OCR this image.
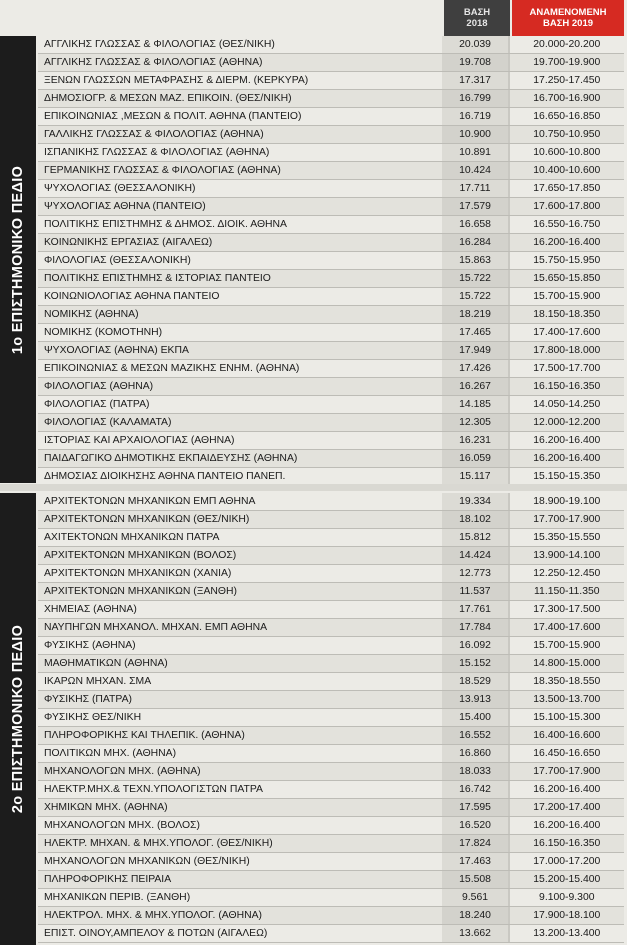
ΒΑΣΗ
2018
ΑΝΑΜΕΝΟΜΕΝΗ
ΒΑΣΗ 2019
1ο ΕΠΙΣΤΗΜΟΝΙΚΟ ΠΕΔΙΟ
ΑΓΓΛΙΚΗΣ ΓΛΩΣΣΑΣ & ΦΙΛΟΛΟΓΙΑΣ (ΘΕΣ/ΝΙΚΗ)	20.039	20.000-20.200
ΑΓΓΛΙΚΗΣ ΓΛΩΣΣΑΣ & ΦΙΛΟΛΟΓΙΑΣ (ΑΘΗΝΑ)	19.708	19.700-19.900
ΞΕΝΩΝ ΓΛΩΣΣΩΝ ΜΕΤΑΦΡΑΣΗΣ & ΔΙΕΡΜ. (ΚΕΡΚΥΡΑ)	17.317	17.250-17.450
ΔΗΜΟΣΙΟΓΡ. & ΜΕΣΩΝ ΜΑΖ. ΕΠΙΚΟΙΝ. (ΘΕΣ/ΝΙΚΗ)	16.799	16.700-16.900
ΕΠΙΚΟΙΝΩΝΙΑΣ ,ΜΕΣΩΝ & ΠΟΛΙΤ. ΑΘΗΝΑ (ΠΑΝΤΕΙΟ)	16.719	16.650-16.850
ΓΑΛΛΙΚΗΣ ΓΛΩΣΣΑΣ & ΦΙΛΟΛΟΓΙΑΣ (ΑΘΗΝΑ)	10.900	10.750-10.950
ΙΣΠΑΝΙΚΗΣ ΓΛΩΣΣΑΣ & ΦΙΛΟΛΟΓΙΑΣ (ΑΘΗΝΑ)	10.891	10.600-10.800
ΓΕΡΜΑΝΙΚΗΣ ΓΛΩΣΣΑΣ & ΦΙΛΟΛΟΓΙΑΣ (ΑΘΗΝΑ)	10.424	10.400-10.600
ΨΥΧΟΛΟΓΙΑΣ (ΘΕΣΣΑΛΟΝΙΚΗ)	17.711	17.650-17.850
ΨΥΧΟΛΟΓΙΑΣ ΑΘΗΝΑ (ΠΑΝΤΕΙΟ)	17.579	17.600-17.800
ΠΟΛΙΤΙΚΗΣ ΕΠΙΣΤΗΜΗΣ & ΔΗΜΟΣ. ΔΙΟΙΚ. ΑΘΗΝΑ	16.658	16.550-16.750
ΚΟΙΝΩΝΙΚΗΣ ΕΡΓΑΣΙΑΣ (ΑΙΓΑΛΕΩ)	16.284	16.200-16.400
ΦΙΛΟΛΟΓΙΑΣ (ΘΕΣΣΑΛΟΝΙΚΗ)	15.863	15.750-15.950
ΠΟΛΙΤΙΚΗΣ ΕΠΙΣΤΗΜΗΣ & ΙΣΤΟΡΙΑΣ ΠΑΝΤΕΙΟ	15.722	15.650-15.850
ΚΟΙΝΩΝΙΟΛΟΓΙΑΣ ΑΘΗΝΑ ΠΑΝΤΕΙΟ	15.722	15.700-15.900
ΝΟΜΙΚΗΣ (ΑΘΗΝΑ)	18.219	18.150-18.350
ΝΟΜΙΚΗΣ (ΚΟΜΟΤΗΝΗ)	17.465	17.400-17.600
ΨΥΧΟΛΟΓΙΑΣ (ΑΘΗΝΑ) ΕΚΠΑ	17.949	17.800-18.000
ΕΠΙΚΟΙΝΩΝΙΑΣ & ΜΕΣΩΝ ΜΑΖΙΚΗΣ ΕΝΗΜ. (ΑΘΗΝΑ)	17.426	17.500-17.700
ΦΙΛΟΛΟΓΙΑΣ (ΑΘΗΝΑ)	16.267	16.150-16.350
ΦΙΛΟΛΟΓΙΑΣ (ΠΑΤΡΑ)	14.185	14.050-14.250
ΦΙΛΟΛΟΓΙΑΣ (ΚΑΛΑΜΑΤΑ)	12.305	12.000-12.200
ΙΣΤΟΡΙΑΣ ΚΑΙ ΑΡΧΑΙΟΛΟΓΙΑΣ (ΑΘΗΝΑ)	16.231	16.200-16.400
ΠΑΙΔΑΓΩΓΙΚΟ ΔΗΜΟΤΙΚΗΣ ΕΚΠΑΙΔΕΥΣΗΣ (ΑΘΗΝΑ)	16.059	16.200-16.400
ΔΗΜΟΣΙΑΣ ΔΙΟΙΚΗΣΗΣ ΑΘΗΝΑ ΠΑΝΤΕΙΟ ΠΑΝΕΠ.	15.117	15.150-15.350
2ο ΕΠΙΣΤΗΜΟΝΙΚΟ ΠΕΔΙΟ
ΑΡΧΙΤΕΚΤΟΝΩΝ ΜΗΧΑΝΙΚΩΝ ΕΜΠ ΑΘΗΝΑ	19.334	18.900-19.100
ΑΡΧΙΤΕΚΤΟΝΩΝ ΜΗΧΑΝΙΚΩΝ (ΘΕΣ/ΝΙΚΗ)	18.102	17.700-17.900
ΑΧΙΤΕΚΤΟΝΩΝ ΜΗΧΑΝΙΚΩΝ ΠΑΤΡΑ	15.812	15.350-15.550
ΑΡΧΙΤΕΚΤΟΝΩΝ ΜΗΧΑΝΙΚΩΝ (ΒΟΛΟΣ)	14.424	13.900-14.100
ΑΡΧΙΤΕΚΤΟΝΩΝ ΜΗΧΑΝΙΚΩΝ (ΧΑΝΙΑ)	12.773	12.250-12.450
ΑΡΧΙΤΕΚΤΟΝΩΝ ΜΗΧΑΝΙΚΩΝ (ΞΑΝΘΗ)	11.537	11.150-11.350
ΧΗΜΕΙΑΣ (ΑΘΗΝΑ)	17.761	17.300-17.500
ΝΑΥΠΗΓΩΝ ΜΗΧΑΝΟΛ. ΜΗΧΑΝ. ΕΜΠ ΑΘΗΝΑ	17.784	17.400-17.600
ΦΥΣΙΚΗΣ (ΑΘΗΝΑ)	16.092	15.700-15.900
ΜΑΘΗΜΑΤΙΚΩΝ (ΑΘΗΝΑ)	15.152	14.800-15.000
ΙΚΑΡΩΝ ΜΗΧΑΝ. ΣΜΑ	18.529	18.350-18.550
ΦΥΣΙΚΗΣ (ΠΑΤΡΑ)	13.913	13.500-13.700
ΦΥΣΙΚΗΣ ΘΕΣ/ΝΙΚΗ	15.400	15.100-15.300
ΠΛΗΡΟΦΟΡΙΚΗΣ ΚΑΙ ΤΗΛΕΠΙΚ. (ΑΘΗΝΑ)	16.552	16.400-16.600
ΠΟΛΙΤΙΚΩΝ ΜΗΧ. (ΑΘΗΝΑ)	16.860	16.450-16.650
ΜΗΧΑΝΟΛΟΓΩΝ ΜΗΧ. (ΑΘΗΝΑ)	18.033	17.700-17.900
ΗΛΕΚΤΡ.ΜΗΧ.& ΤΕΧΝ.ΥΠΟΛΟΓΙΣΤΩΝ ΠΑΤΡΑ	16.742	16.200-16.400
ΧΗΜΙΚΩΝ ΜΗΧ. (ΑΘΗΝΑ)	17.595	17.200-17.400
ΜΗΧΑΝΟΛΟΓΩΝ ΜΗΧ. (ΒΟΛΟΣ)	16.520	16.200-16.400
ΗΛΕΚΤΡ. ΜΗΧΑΝ. & ΜΗΧ.ΥΠΟΛΟΓ. (ΘΕΣ/ΝΙΚΗ)	17.824	16.150-16.350
ΜΗΧΑΝΟΛΟΓΩΝ ΜΗΧΑΝΙΚΩΝ (ΘΕΣ/ΝΙΚΗ)	17.463	17.000-17.200
ΠΛΗΡΟΦΟΡΙΚΗΣ ΠΕΙΡΑΙΑ	15.508	15.200-15.400
ΜΗΧΑΝΙΚΩΝ ΠΕΡΙΒ. (ΞΑΝΘΗ)	9.561	9.100-9.300
ΗΛΕΚΤΡΟΛ. ΜΗΧ. & ΜΗΧ.ΥΠΟΛΟΓ. (ΑΘΗΝΑ)	18.240	17.900-18.100
ΕΠΙΣΤ. ΟΙΝΟΥ,ΑΜΠΕΛΟΥ & ΠΟΤΩΝ (ΑΙΓΑΛΕΩ)	13.662	13.200-13.400
